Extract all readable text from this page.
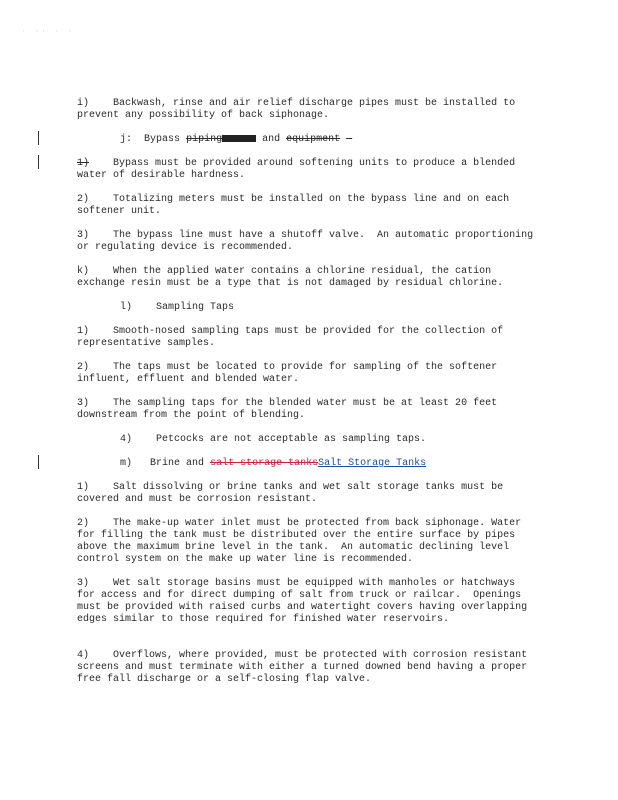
· ·· · ·
i)    Backwash, rinse and air relief discharge pipes must be installed to prevent any possibility of back siphonage.
j: Bypass piping	and equipment
1)    Bypass must be provided around softening units to produce a blended water of desirable hardness.
2)    Totalizing meters must be installed on the bypass line and on each softener unit.
3)    The bypass line must have a shutoff valve.  An automatic proportioning or regulating device is recommended.
k)    When the applied water contains a chlorine residual, the cation exchange resin must be a type that is not damaged by residual chlorine.
l)    Sampling Taps
1)    Smooth-nosed sampling taps must be provided for the collection of representative samples.
2)    The taps must be located to provide for sampling of the softener influent, effluent and blended water.
3)    The sampling taps for the blended water must be at least 20 feet downstream from the point of blending.
4)    Petcocks are not acceptable as sampling taps.
m) Brine and salt storage tanksSalt Storage Tanks
1)    Salt dissolving or brine tanks and wet salt storage tanks must be covered and must be corrosion resistant.
2)    The make-up water inlet must be protected from back siphonage. Water for filling the tank must be distributed over the entire surface by pipes above the maximum brine level in the tank.  An automatic declining level control system on the make up water line is recommended.
3)    Wet salt storage basins must be equipped with manholes or hatchways for access and for direct dumping of salt from truck or railcar.  Openings must be provided with raised curbs and watertight covers having overlapping edges similar to those required for finished water reservoirs.
4)    Overflows, where provided, must be protected with corrosion resistant screens and must terminate with either a turned downed bend having a proper free fall discharge or a self-closing flap valve.
